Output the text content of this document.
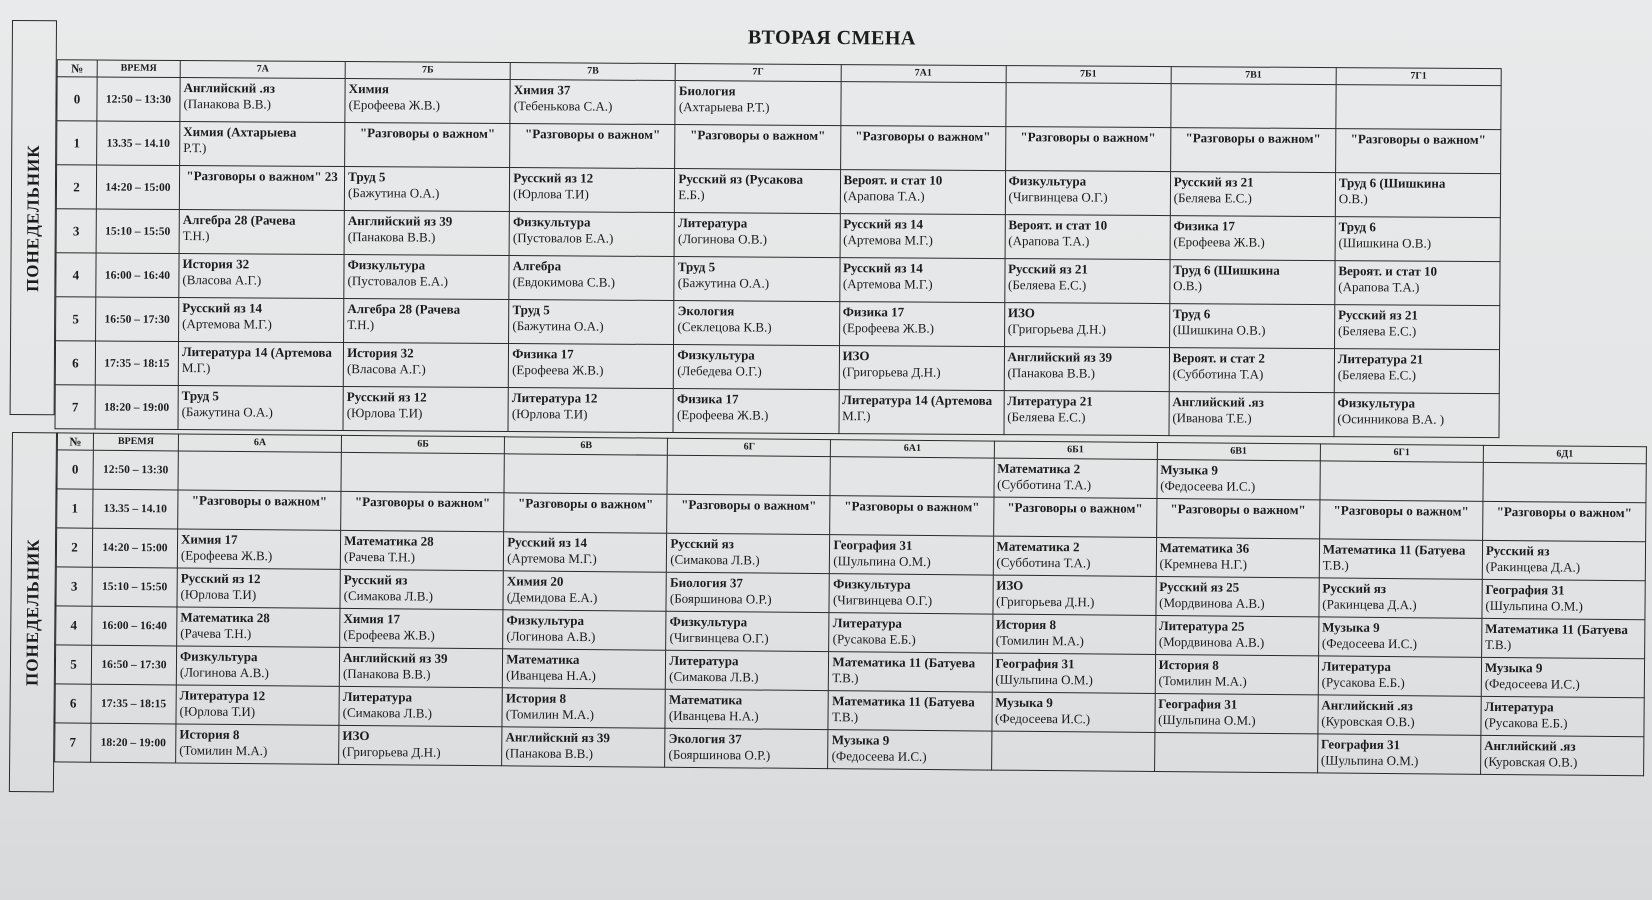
ПОНЕДЕЛЬНИК
ВТОРАЯ СМЕНА

№	ВРЕМЯ	7А	7Б	7В	7Г	7А1	7Б1	7В1	7Г1
0	12:50 – 13:30	Английский .яз
(Панакова В.В.)	Химия
(Ерофеева Ж.В.)	Химия 37
(Тебенькова С.А.)	Биология
(Ахтарыева Р.Т.)				

1	13.35 – 14.10	Химия (Ахтарыева
Р.Т.)	"Разговоры о важном"	"Разговоры о важном"	"Разговоры о важном"	"Разговоры о важном"	"Разговоры о важном"	"Разговоры о важном"	"Разговоры о важном"
2	14:20 – 15:00	"Разговоры о важном" 23	Труд 5
(Бажутина О.А.)	Русский яз 12
(Юрлова Т.И)	Русский яз (Русакова
Е.Б.)	Вероят. и стат 10
(Арапова Т.А.)	Физкультура
(Чигвинцева О.Г.)	Русский яз 21
(Беляева Е.С.)	Труд 6 (Шишкина
О.В.)

3	15:10 – 15:50	Алгебра 28 (Рачева
Т.Н.)	Английский яз 39
(Панакова В.В.)	Физкультура
(Пустовалов Е.А.)	Литература
(Логинова О.В.)	Русский яз 14
(Артемова М.Г.)	Вероят. и стат 10
(Арапова Т.А.)	Физика 17
(Ерофеева Ж.В.)	Труд 6
(Шишкина О.В.)

4	16:00 – 16:40	История 32
(Власова А.Г.)	Физкультура
(Пустовалов Е.А.)	Алгебра
(Евдокимова С.В.)	Труд 5
(Бажутина О.А.)	Русский яз 14
(Артемова М.Г.)	Русский яз 21
(Беляева Е.С.)	Труд 6 (Шишкина
О.В.)	Вероят. и стат 10
(Арапова Т.А.)

5	16:50 – 17:30	Русский яз 14
(Артемова М.Г.)	Алгебра 28 (Рачева
Т.Н.)	Труд 5
(Бажутина О.А.)	Экология
(Секлецова К.В.)	Физика 17
(Ерофеева Ж.В.)	ИЗО
(Григорьева Д.Н.)	Труд 6
(Шишкина О.В.)	Русский яз 21
(Беляева Е.С.)

6	17:35 – 18:15	Литература 14 (Артемова
М.Г.)	История 32
(Власова А.Г.)	Физика 17
(Ерофеева Ж.В.)	Физкультура
(Лебедева О.Г.)	ИЗО
(Григорьева Д.Н.)	Английский яз 39
(Панакова В.В.)	Вероят. и стат 2
(Субботина Т.А)	Литература 21
(Беляева Е.С.)

7	18:20 – 19:00	Труд 5
(Бажутина О.А.)	Русский яз 12
(Юрлова Т.И)	Литература 12
(Юрлова Т.И)	Физика 17
(Ерофеева Ж.В.)	Литература 14 (Артемова
М.Г.)	Литература 21
(Беляева Е.С.)	Английский .яз
(Иванова Т.Е.)	Физкультура
(Осинникова В.А. )
ПОНЕДЕЛЬНИК
№	ВРЕМЯ	6А	6Б	6В	6Г	6А1	6Б1	6В1	6Г1	6Д1
0	12:50 – 13:30						Математика 2
(Субботина Т.А.)	Музыка 9
(Федосеева И.С.)		

1	13.35 – 14.10	"Разговоры о важном"	"Разговоры о важном"	"Разговоры о важном"	"Разговоры о важном"	"Разговоры о важном"	"Разговоры о важном"	"Разговоры о важном"	"Разговоры о важном"	"Разговоры о важном"
2	14:20 – 15:00	Химия 17
(Ерофеева Ж.В.)	Математика 28
(Рачева Т.Н.)	Русский яз 14
(Артемова М.Г.)	Русский яз
(Симакова Л.В.)	География 31
(Шульпина О.М.)	Математика 2
(Субботина Т.А.)	Математика 36
(Кремнева Н.Г.)	Математика 11 (Батуева
Т.В.)	Русский яз
(Ракинцева Д.А.)

3	15:10 – 15:50	Русский яз 12
(Юрлова Т.И)	Русский яз
(Симакова Л.В.)	Химия 20
(Демидова Е.А.)	Биология 37
(Бояршинова О.Р.)	Физкультура
(Чигвинцева О.Г.)	ИЗО
(Григорьева Д.Н.)	Русский яз 25
(Мордвинова А.В.)	Русский яз
(Ракинцева Д.А.)	География 31
(Шульпина О.М.)

4	16:00 – 16:40	Математика 28
(Рачева Т.Н.)	Химия 17
(Ерофеева Ж.В.)	Физкультура
(Логинова А.В.)	Физкультура
(Чигвинцева О.Г.)	Литература
(Русакова Е.Б.)	История 8
(Томилин М.А.)	Литература 25
(Мордвинова А.В.)	Музыка 9
(Федосеева И.С.)	Математика 11 (Батуева
Т.В.)

5	16:50 – 17:30	Физкультура
(Логинова А.В.)	Английский яз 39
(Панакова В.В.)	Математика
(Иванцева Н.А.)	Литература
(Симакова Л.В.)	Математика 11 (Батуева
Т.В.)	География 31
(Шульпина О.М.)	История 8
(Томилин М.А.)	Литература
(Русакова Е.Б.)	Музыка 9
(Федосеева И.С.)

6	17:35 – 18:15	Литература 12
(Юрлова Т.И)	Литература
(Симакова Л.В.)	История 8
(Томилин М.А.)	Математика
(Иванцева Н.А.)	Математика 11 (Батуева
Т.В.)	Музыка 9
(Федосеева И.С.)	География 31
(Шульпина О.М.)	Английский .яз
(Куровская О.В.)	Литература
(Русакова Е.Б.)

7	18:20 – 19:00	История 8
(Томилин М.А.)	ИЗО
(Григорьева Д.Н.)	Английский яз 39
(Панакова В.В.)	Экология 37
(Бояршинова О.Р.)	Музыка 9
(Федосеева И.С.)			География 31
(Шульпина О.М.)	Английский .яз
(Куровская О.В.)
